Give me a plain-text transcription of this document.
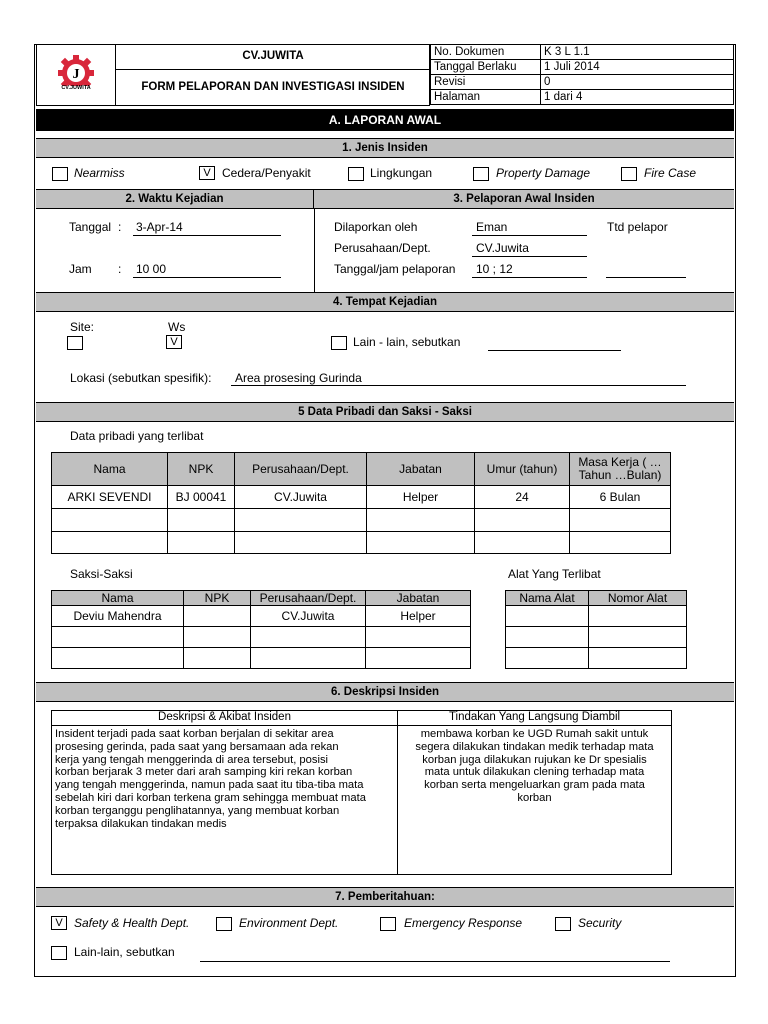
J
CV.JUWITA
CV.JUWITA
FORM PELAPORAN DAN INVESTIGASI INSIDEN
No. Dokumen	K 3 L 1.1
Tanggal Berlaku	1 Juli 2014
Revisi	0
Halaman	1 dari 4
A. LAPORAN AWAL
1. Jenis Insiden
Nearmiss	V Cedera/Penyakit	Lingkungan	Property Damage	Fire Case
2. Waktu Kejadian	3. Pelaporan Awal Insiden
Tanggal : 3-Apr-14
Jam : 10 00
Dilaporkan oleh	Eman
Perusahaan/Dept.	CV.Juwita
Tanggal/jam pelaporan 10 ; 12
Ttd pelapor
4. Tempat Kejadian
Site:	Ws
V	Lain - lain, sebutkan
Lokasi (sebutkan spesifik): Area prosesing Gurinda
5 Data Pribadi dan Saksi - Saksi
Data pribadi yang terlibat
Nama	NPK	Perusahaan/Dept.	Jabatan	Umur (tahun)	Masa Kerja ( …Tahun …Bulan)
ARKI SEVENDI	BJ 00041	CV.Juwita	Helper	24	6 Bulan

Saksi-Saksi	Alat Yang Terlibat
Nama	NPK	Perusahaan/Dept.	Jabatan
Deviu Mahendra		CV.Juwita	Helper

Nama Alat	Nomor Alat

6. Deskripsi Insiden
Deskripsi & Akibat Insiden	Tindakan Yang Langsung Diambil
Insident terjadi pada saat korban berjalan di sekitar area
prosesing gerinda, pada saat yang bersamaan ada rekan
kerja yang tengah menggerinda di area tersebut, posisi
korban berjarak 3 meter dari arah samping kiri rekan korban
yang tengah menggerinda, namun pada saat itu tiba-tiba mata
sebelah kiri dari korban terkena gram sehingga membuat mata
korban terganggu penglihatannya, yang membuat korban
terpaksa dilakukan tindakan medis
membawa korban ke UGD Rumah sakit untuk
segera dilakukan tindakan medik terhadap mata
korban juga dilakukan rujukan ke Dr spesialis
mata untuk dilakukan clening terhadap mata
korban serta mengeluarkan gram pada mata
korban
7. Pemberitahuan:
V Safety & Health Dept.	Environment Dept.	Emergency Response	Security
Lain-lain, sebutkan
